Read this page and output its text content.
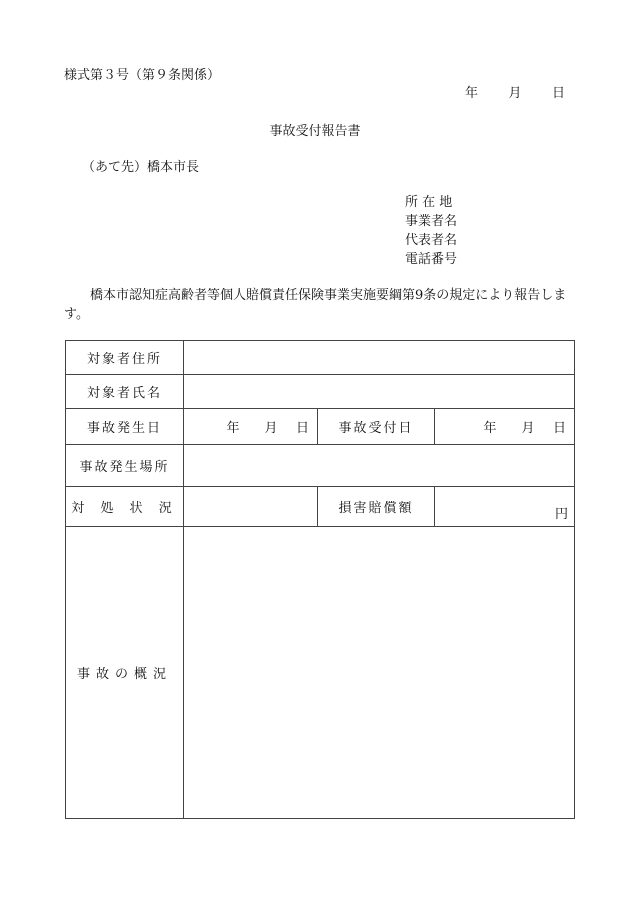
様式第３号（第９条関係）
年 月 日
事故受付報告書
（あて先）橋本市長
所 在 地
事業者名
代表者名
電話番号
橋本市認知症高齢者等個人賠償責任保険事業実施要綱第9条の規定により報告します。
対象者住所			
対象者氏名			
事故発生日	年 月 日	事故受付日	年 月 日

事故発生場所			
対 処 状 況		損害賠償額	円
事故の概況			
